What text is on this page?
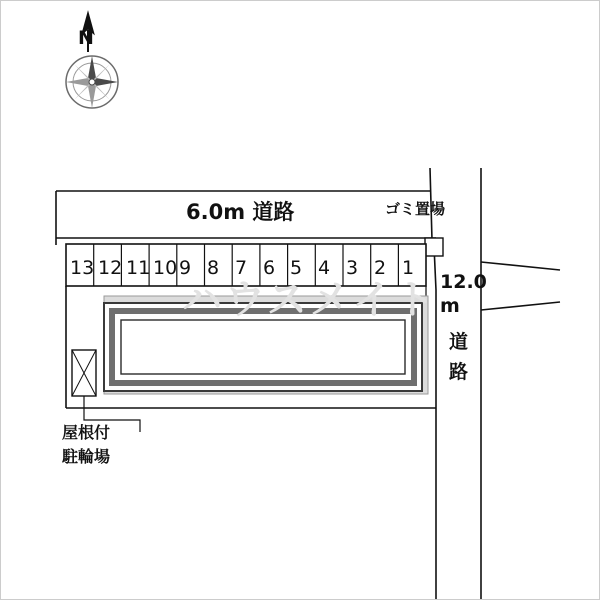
N
6.0m 道路	ゴミ置場
13 12 11 10 9 8 7 6 5 4 3 2 1
屋根付
駐輪場
12.0
m
道
路
ハウスメイト
